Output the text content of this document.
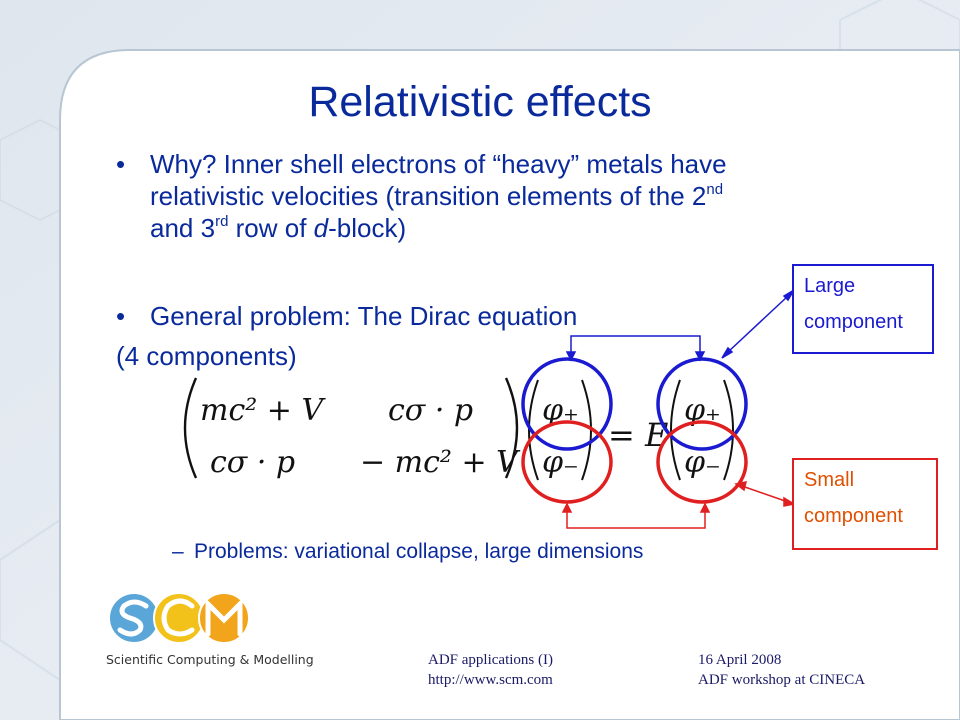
Relativistic effects
• Why? Inner shell electrons of “heavy” metals have
relativistic velocities (transition elements of the 2nd
and 3rd row of d-block)
• General problem: The Dirac equation
(4 components)
mc² + V cσ · p
cσ · p − mc² + V
φ₊
φ₋
= E
φ₊
φ₋
Large
component
Small
component
– Problems: variational collapse, large dimensions
Scientific Computing & Modelling	ADF applications (I)
http://www.scm.com
16 April 2008
ADF workshop at CINECA
